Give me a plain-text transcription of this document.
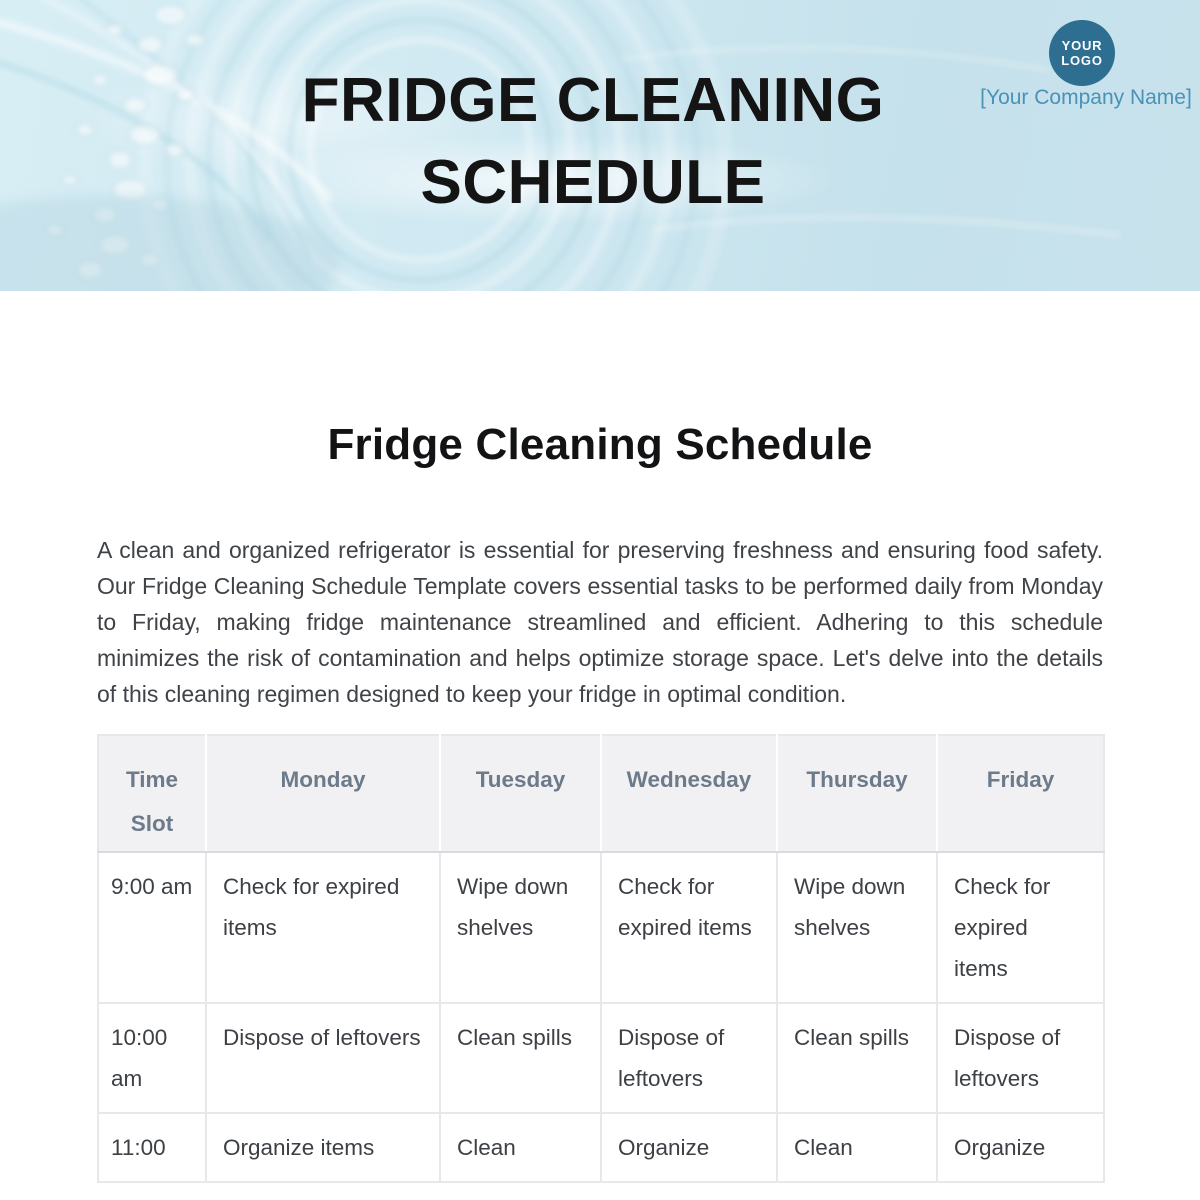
FRIDGE CLEANING
SCHEDULE
YOUR
LOGO
[Your Company Name]
Fridge Cleaning Schedule

A clean and organized refrigerator is essential for preserving freshness and ensuring food safety. Our Fridge Cleaning Schedule Template covers essential tasks to be performed daily from Monday to Friday, making fridge maintenance streamlined and efficient. Adhering to this schedule minimizes the risk of contamination and helps optimize storage space. Let's delve into the details of this cleaning regimen designed to keep your fridge in optimal condition.

Time Slot	Monday	Tuesday	Wednesday	Thursday	Friday
9:00 am	Check for expired items	Wipe down shelves	Check for expired items	Wipe down shelves	Check for expired items
10:00 am	Dispose of leftovers	Clean spills	Dispose of leftovers	Clean spills	Dispose of leftovers
11:00	Organize items	Clean	Organize	Clean	Organize
